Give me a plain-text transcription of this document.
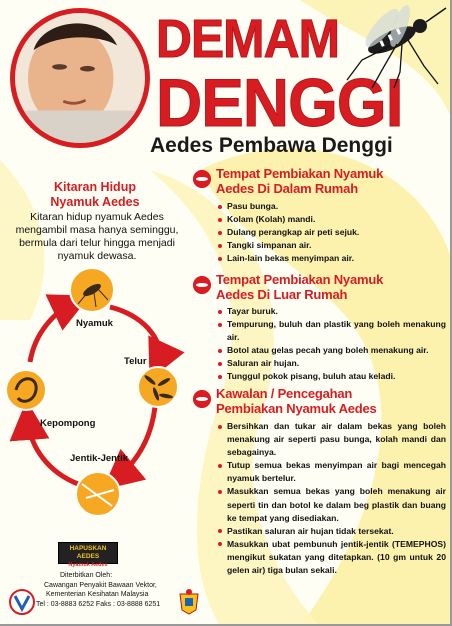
DEMAM
DENGGI
Aedes Pembawa Denggi
Kitaran Hidup
Nyamuk Aedes
Kitaran hidup nyamuk Aedes mengambil masa hanya seminggu, bermula dari telur hingga menjadi nyamuk dewasa.
Nyamuk
Telur
Jentik-Jentik
Kepompong
HAPUSKAN
AEDES
Nyamuk Aedes
Diterbitkan Oleh:
Cawangan Penyakit Bawaan Vektor,
Kementerian Kesihatan Malaysia
Tel : 03-8883 6252 Faks : 03-8888 6251
Tempat Pembiakan Nyamuk
Aedes Di Dalam Rumah
Pasu bunga.
Kolam (Kolah) mandi.
Dulang perangkap air peti sejuk.
Tangki simpanan air.
Lain-lain bekas menyimpan air.
Tempat Pembiakan Nyamuk
Aedes Di Luar Rumah
Tayar buruk.
Tempurung, buluh dan plastik yang boleh menakung air.
Botol atau gelas pecah yang boleh menakung air.
Saluran air hujan.
Tunggul pokok pisang, buluh atau keladi.
Kawalan / Pencegahan
Pembiakan Nyamuk Aedes
Bersihkan dan tukar air dalam bekas yang boleh menakung air seperti pasu bunga, kolah mandi dan sebagainya.
Tutup semua bekas menyimpan air bagi mencegah nyamuk bertelur.
Masukkan semua bekas yang boleh menakung air seperti tin dan botol ke dalam beg plastik dan buang ke tempat yang disediakan.
Pastikan saluran air hujan tidak tersekat.
Masukkan ubat pembunuh jentik-jentik (TEMEPHOS) mengikut sukatan yang ditetapkan. (10 gm untuk 20 gelen air) tiga bulan sekali.
